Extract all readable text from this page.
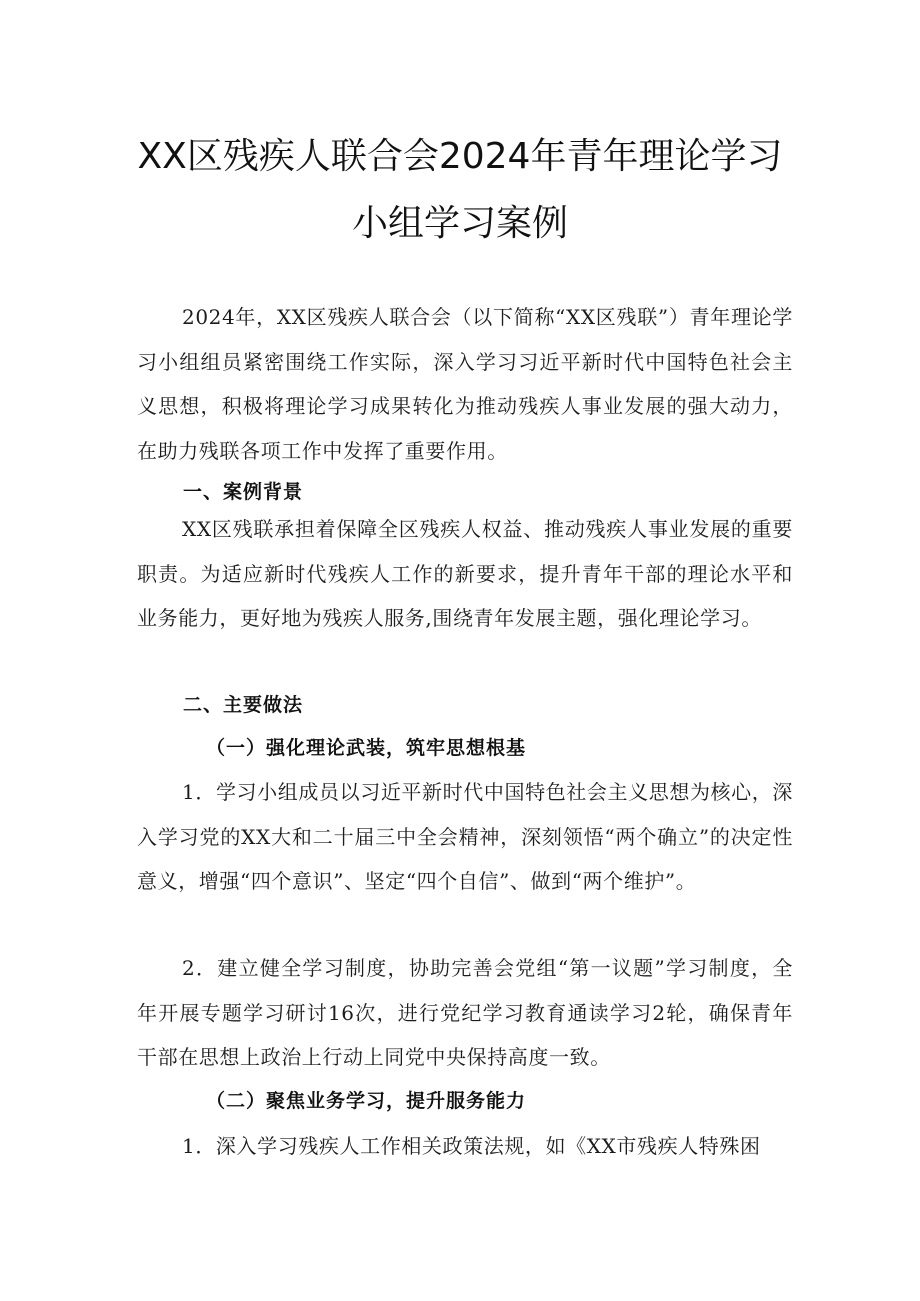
XX区残疾人联合会2024年青年理论学习
小组学习案例

2024年，XX区残疾人联合会（以下简称“XX区残联”）青年理论学习小组组员紧密围绕工作实际，深入学习习近平新时代中国特色社会主义思想，积极将理论学习成果转化为推动残疾人事业发展的强大动力，在助力残联各项工作中发挥了重要作用。

一、案例背景

XX区残联承担着保障全区残疾人权益、推动残疾人事业发展的重要职责。为适应新时代残疾人工作的新要求，提升青年干部的理论水平和业务能力，更好地为残疾人服务,围绕青年发展主题，强化理论学习。

二、主要做法
（一）强化理论武装，筑牢思想根基

1．学习小组成员以习近平新时代中国特色社会主义思想为核心，深入学习党的XX大和二十届三中全会精神，深刻领悟“两个确立”的决定性意义，增强“四个意识”、坚定“四个自信”、做到“两个维护”。

2．建立健全学习制度，协助完善会党组“第一议题”学习制度，全年开展专题学习研讨16次，进行党纪学习教育通读学习2轮，确保青年干部在思想上政治上行动上同党中央保持高度一致。

（二）聚焦业务学习，提升服务能力

1．深入学习残疾人工作相关政策法规，如《XX市残疾人特殊困
